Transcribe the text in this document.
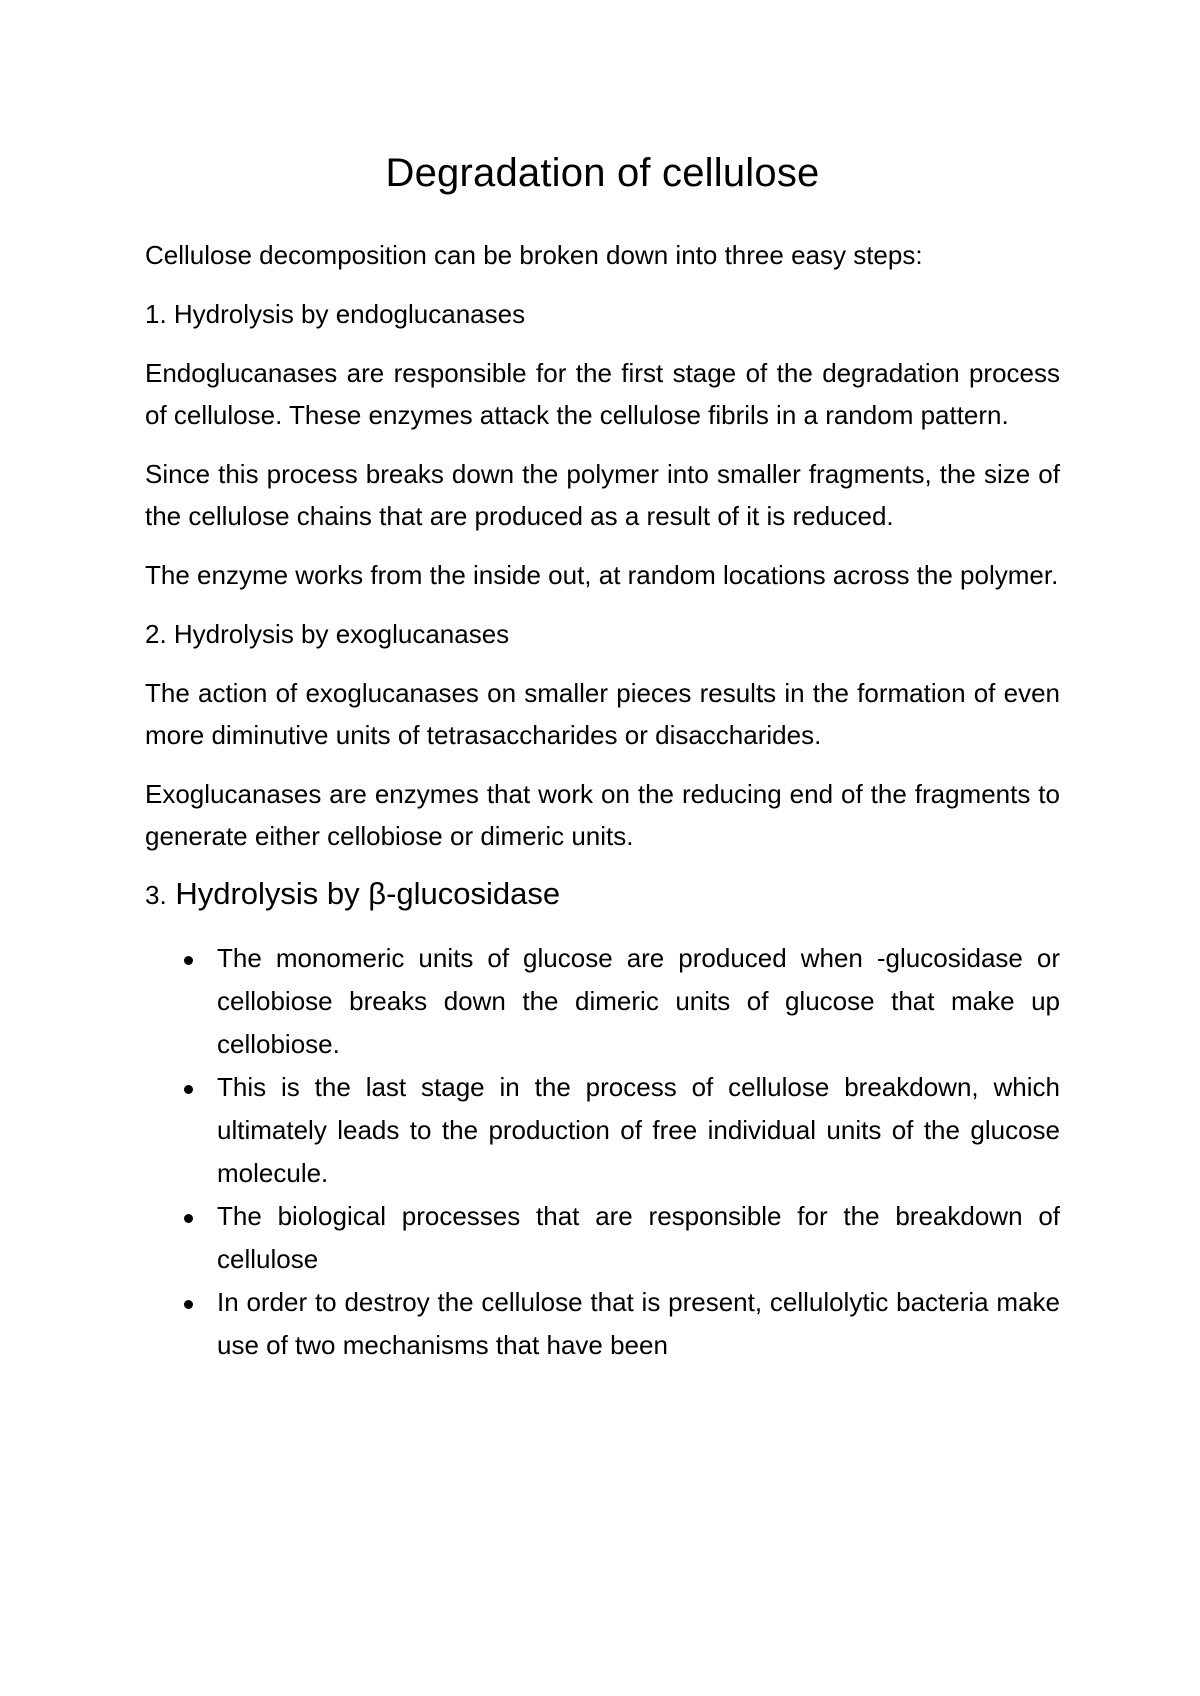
Degradation of cellulose

Cellulose decomposition can be broken down into three easy steps:

1. Hydrolysis by endoglucanases

Endoglucanases are responsible for the first stage of the degradation process of cellulose. These enzymes attack the cellulose fibrils in a random pattern.

Since this process breaks down the polymer into smaller fragments, the size of the cellulose chains that are produced as a result of it is reduced.

The enzyme works from the inside out, at random locations across the polymer.

2. Hydrolysis by exoglucanases

The action of exoglucanases on smaller pieces results in the formation of even more diminutive units of tetrasaccharides or disaccharides.

Exoglucanases are enzymes that work on the reducing end of the fragments to generate either cellobiose or dimeric units.

3. Hydrolysis by β-glucosidase
The monomeric units of glucose are produced when -glucosidase or cellobiose breaks down the dimeric units of glucose that make up cellobiose.
This is the last stage in the process of cellulose breakdown, which ultimately leads to the production of free individual units of the glucose molecule.
The biological processes that are responsible for the breakdown of cellulose
In order to destroy the cellulose that is present, cellulolytic bacteria make use of two mechanisms that have been
